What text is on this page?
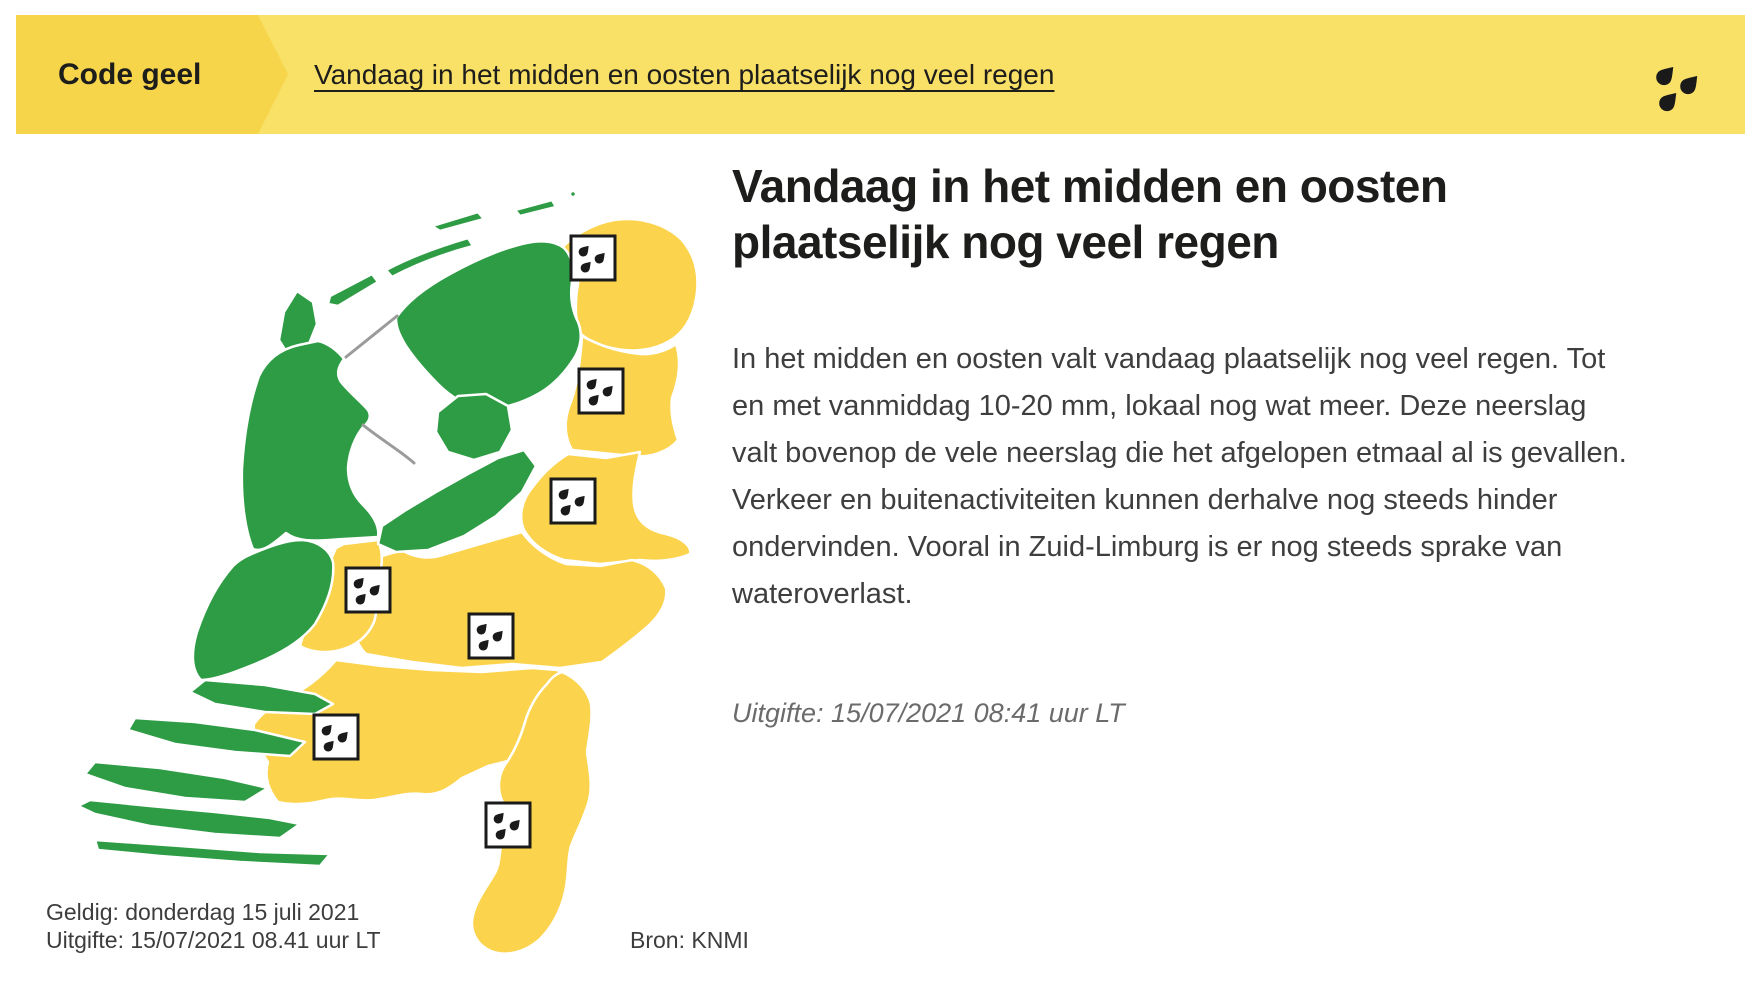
Code geel	Vandaag in het midden en oosten plaatselijk nog veel regen
Geldig: donderdag 15 juli 2021
Uitgifte: 15/07/2021 08.41 uur LT	Bron: KNMI
Vandaag in het midden en oosten plaatselijk nog veel regen

In het midden en oosten valt vandaag plaatselijk nog veel regen. Tot en met vanmiddag 10-20 mm, lokaal nog wat meer. Deze neerslag valt bovenop de vele neerslag die het afgelopen etmaal al is gevallen. Verkeer en buitenactiviteiten kunnen derhalve nog steeds hinder ondervinden. Vooral in Zuid-Limburg is er nog steeds sprake van wateroverlast.

Uitgifte: 15/07/2021 08:41 uur LT
